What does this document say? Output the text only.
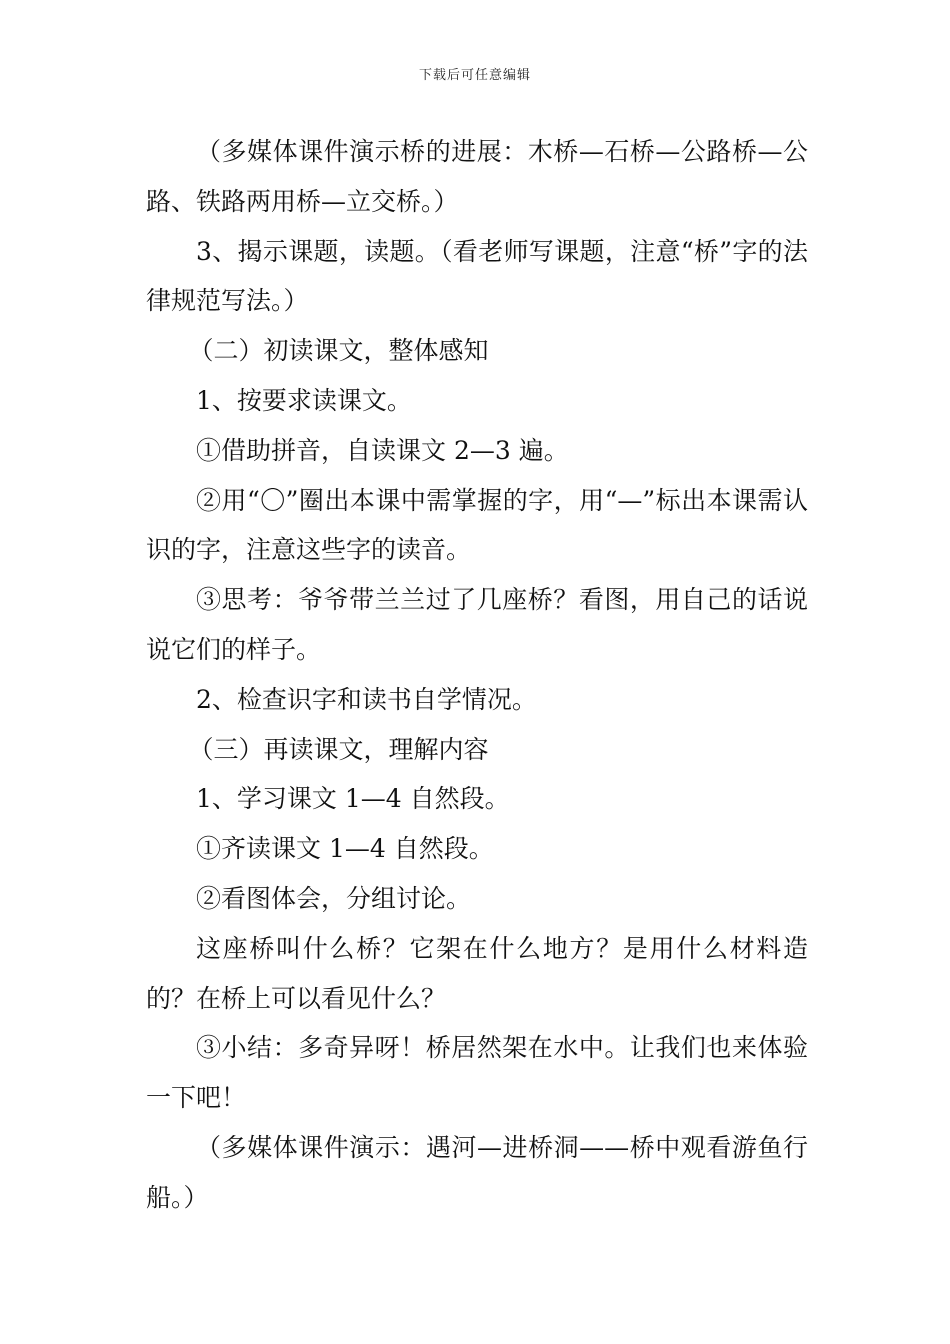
下载后可任意编辑

（多媒体课件演示桥的进展：木桥—石桥—公路桥—公路、铁路两用桥—立交桥。）

3、揭示课题，读题。（看老师写课题，注意“桥”字的法律规范写法。）

（二）初读课文，整体感知

1、按要求读课文。

①借助拼音，自读课文 2—3 遍。

②用“〇”圈出本课中需掌握的字，用“—”标出本课需认识的字，注意这些字的读音。

③思考：爷爷带兰兰过了几座桥？看图，用自己的话说说它们的样子。

2、检查识字和读书自学情况。

（三）再读课文，理解内容

1、学习课文 1—4 自然段。

①齐读课文 1—4 自然段。

②看图体会，分组讨论。

这座桥叫什么桥？它架在什么地方？是用什么材料造的？在桥上可以看见什么？

③小结：多奇异呀！桥居然架在水中。让我们也来体验一下吧！

（多媒体课件演示：遇河—进桥洞——桥中观看游鱼行船。）
